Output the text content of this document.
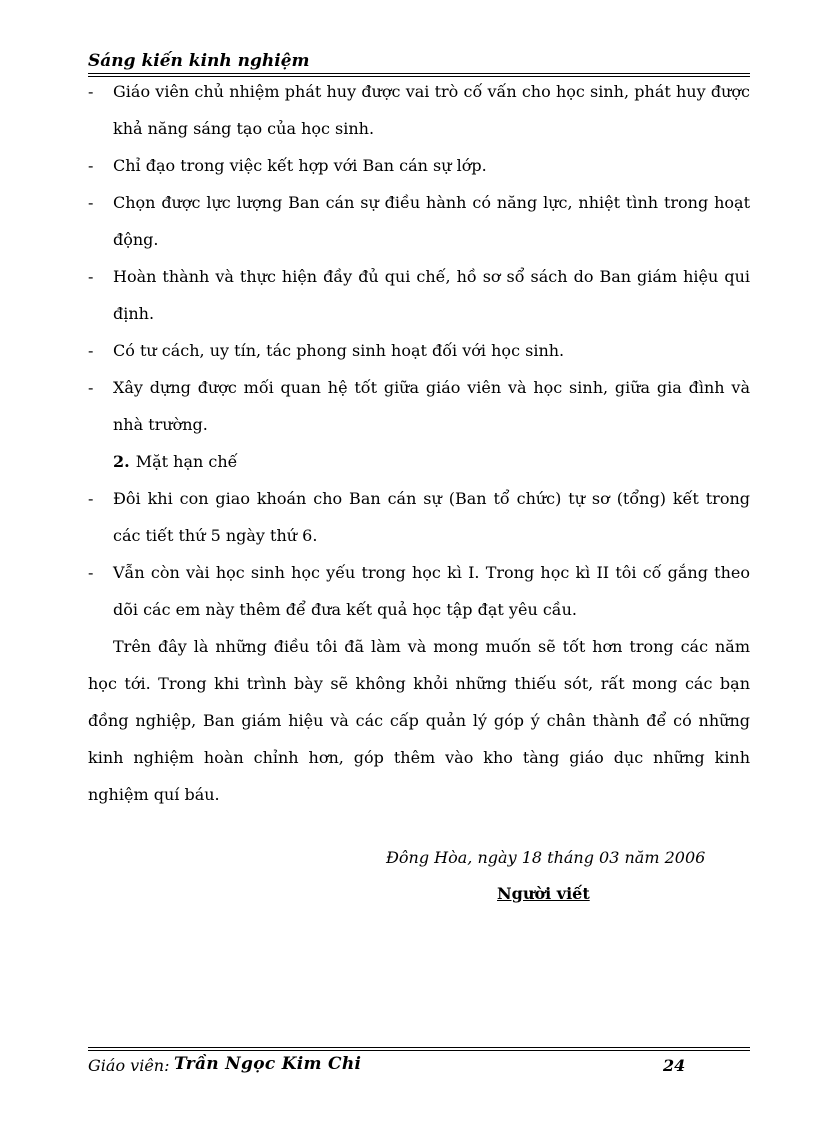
Sáng kiến kinh nghiệm
- Giáo viên chủ nhiệm phát huy được vai trò cố vấn cho học sinh, phát huy được khả năng sáng tạo của học sinh.
- Chỉ đạo trong việc kết hợp với Ban cán sự lớp.
- Chọn được lực lượng Ban cán sự điều hành có năng lực, nhiệt tình trong hoạt động.
- Hoàn thành và thực hiện đầy đủ qui chế, hồ sơ sổ sách do Ban giám hiệu qui định.
- Có tư cách, uy tín, tác phong sinh hoạt đối với học sinh.
- Xây dựng được mối quan hệ tốt giữa giáo viên và học sinh, giữa gia đình và nhà trường.
2. Mặt hạn chế
- Đôi khi con giao khoán cho Ban cán sự (Ban tổ chức) tự sơ (tổng) kết trong các tiết thứ 5 ngày thứ 6.
- Vẫn còn vài học sinh học yếu trong học kì I. Trong học kì II tôi cố gắng theo dõi các em này thêm để đưa kết quả học tập đạt yêu cầu.
Trên đây là những điều tôi đã làm và mong muốn sẽ tốt hơn trong các năm học tới. Trong khi trình bày sẽ không khỏi những thiếu sót, rất mong các bạn đồng nghiệp, Ban giám hiệu và các cấp quản lý góp ý chân thành để có những kinh nghiệm hoàn chỉnh hơn, góp thêm vào kho tàng giáo dục những kinh nghiệm quí báu.
Đông Hòa, ngày 18 tháng 03 năm 2006
Người viết
Giáo viên: Trần Ngọc Kim Chi	24
